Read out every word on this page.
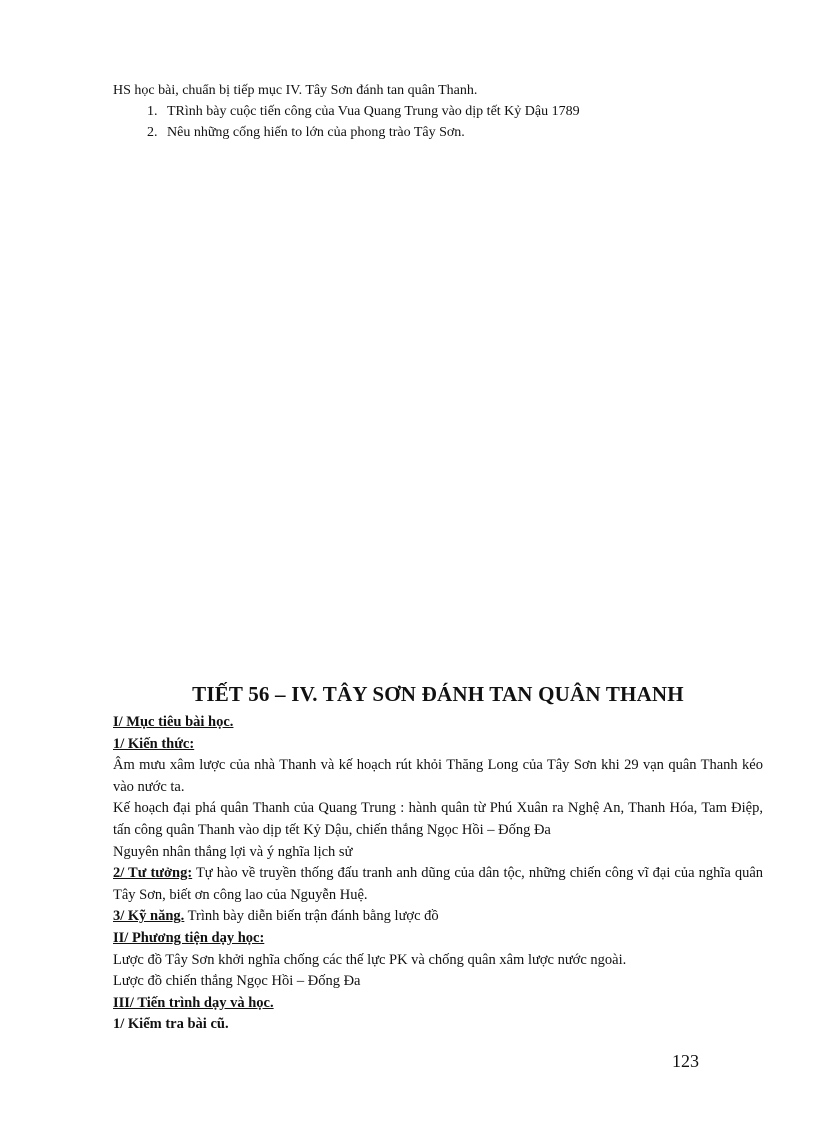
HS học bài, chuẩn bị tiếp mục IV. Tây Sơn đánh tan quân Thanh.
1. TRình bày cuộc tiến công của Vua Quang Trung vào dịp tết Kỷ Dậu 1789
2. Nêu những cống hiến to lớn của phong trào Tây Sơn.
TIẾT 56 – IV. TÂY SƠN ĐÁNH TAN QUÂN THANH
I/ Mục tiêu bài học.
1/ Kiến thức:

Âm mưu xâm lược của nhà Thanh và kế hoạch rút khỏi Thăng Long của Tây Sơn khi 29 vạn quân Thanh kéo vào nước ta.

Kế hoạch đại phá quân Thanh của Quang Trung : hành quân từ Phú Xuân ra Nghệ An, Thanh Hóa, Tam Điệp, tấn công quân Thanh vào dịp tết Kỷ Dậu, chiến thắng Ngọc Hồi – Đống Đa

Nguyên nhân thắng lợi và ý nghĩa lịch sử

2/ Tư tưởng: Tự hào về truyền thống đấu tranh anh dũng của dân tộc, những chiến công vĩ đại của nghĩa quân Tây Sơn, biết ơn công lao của Nguyễn Huệ.

3/ Kỹ năng. Trình bày diễn biến trận đánh bằng lược đồ

II/ Phương tiện dạy học:

Lược đồ Tây Sơn khởi nghĩa chống các thế lực PK và chống quân xâm lược nước ngoài.

Lược đồ chiến thắng Ngọc Hồi – Đống Đa

III/ Tiến trình dạy và học.
1/ Kiểm tra bài cũ.
123
